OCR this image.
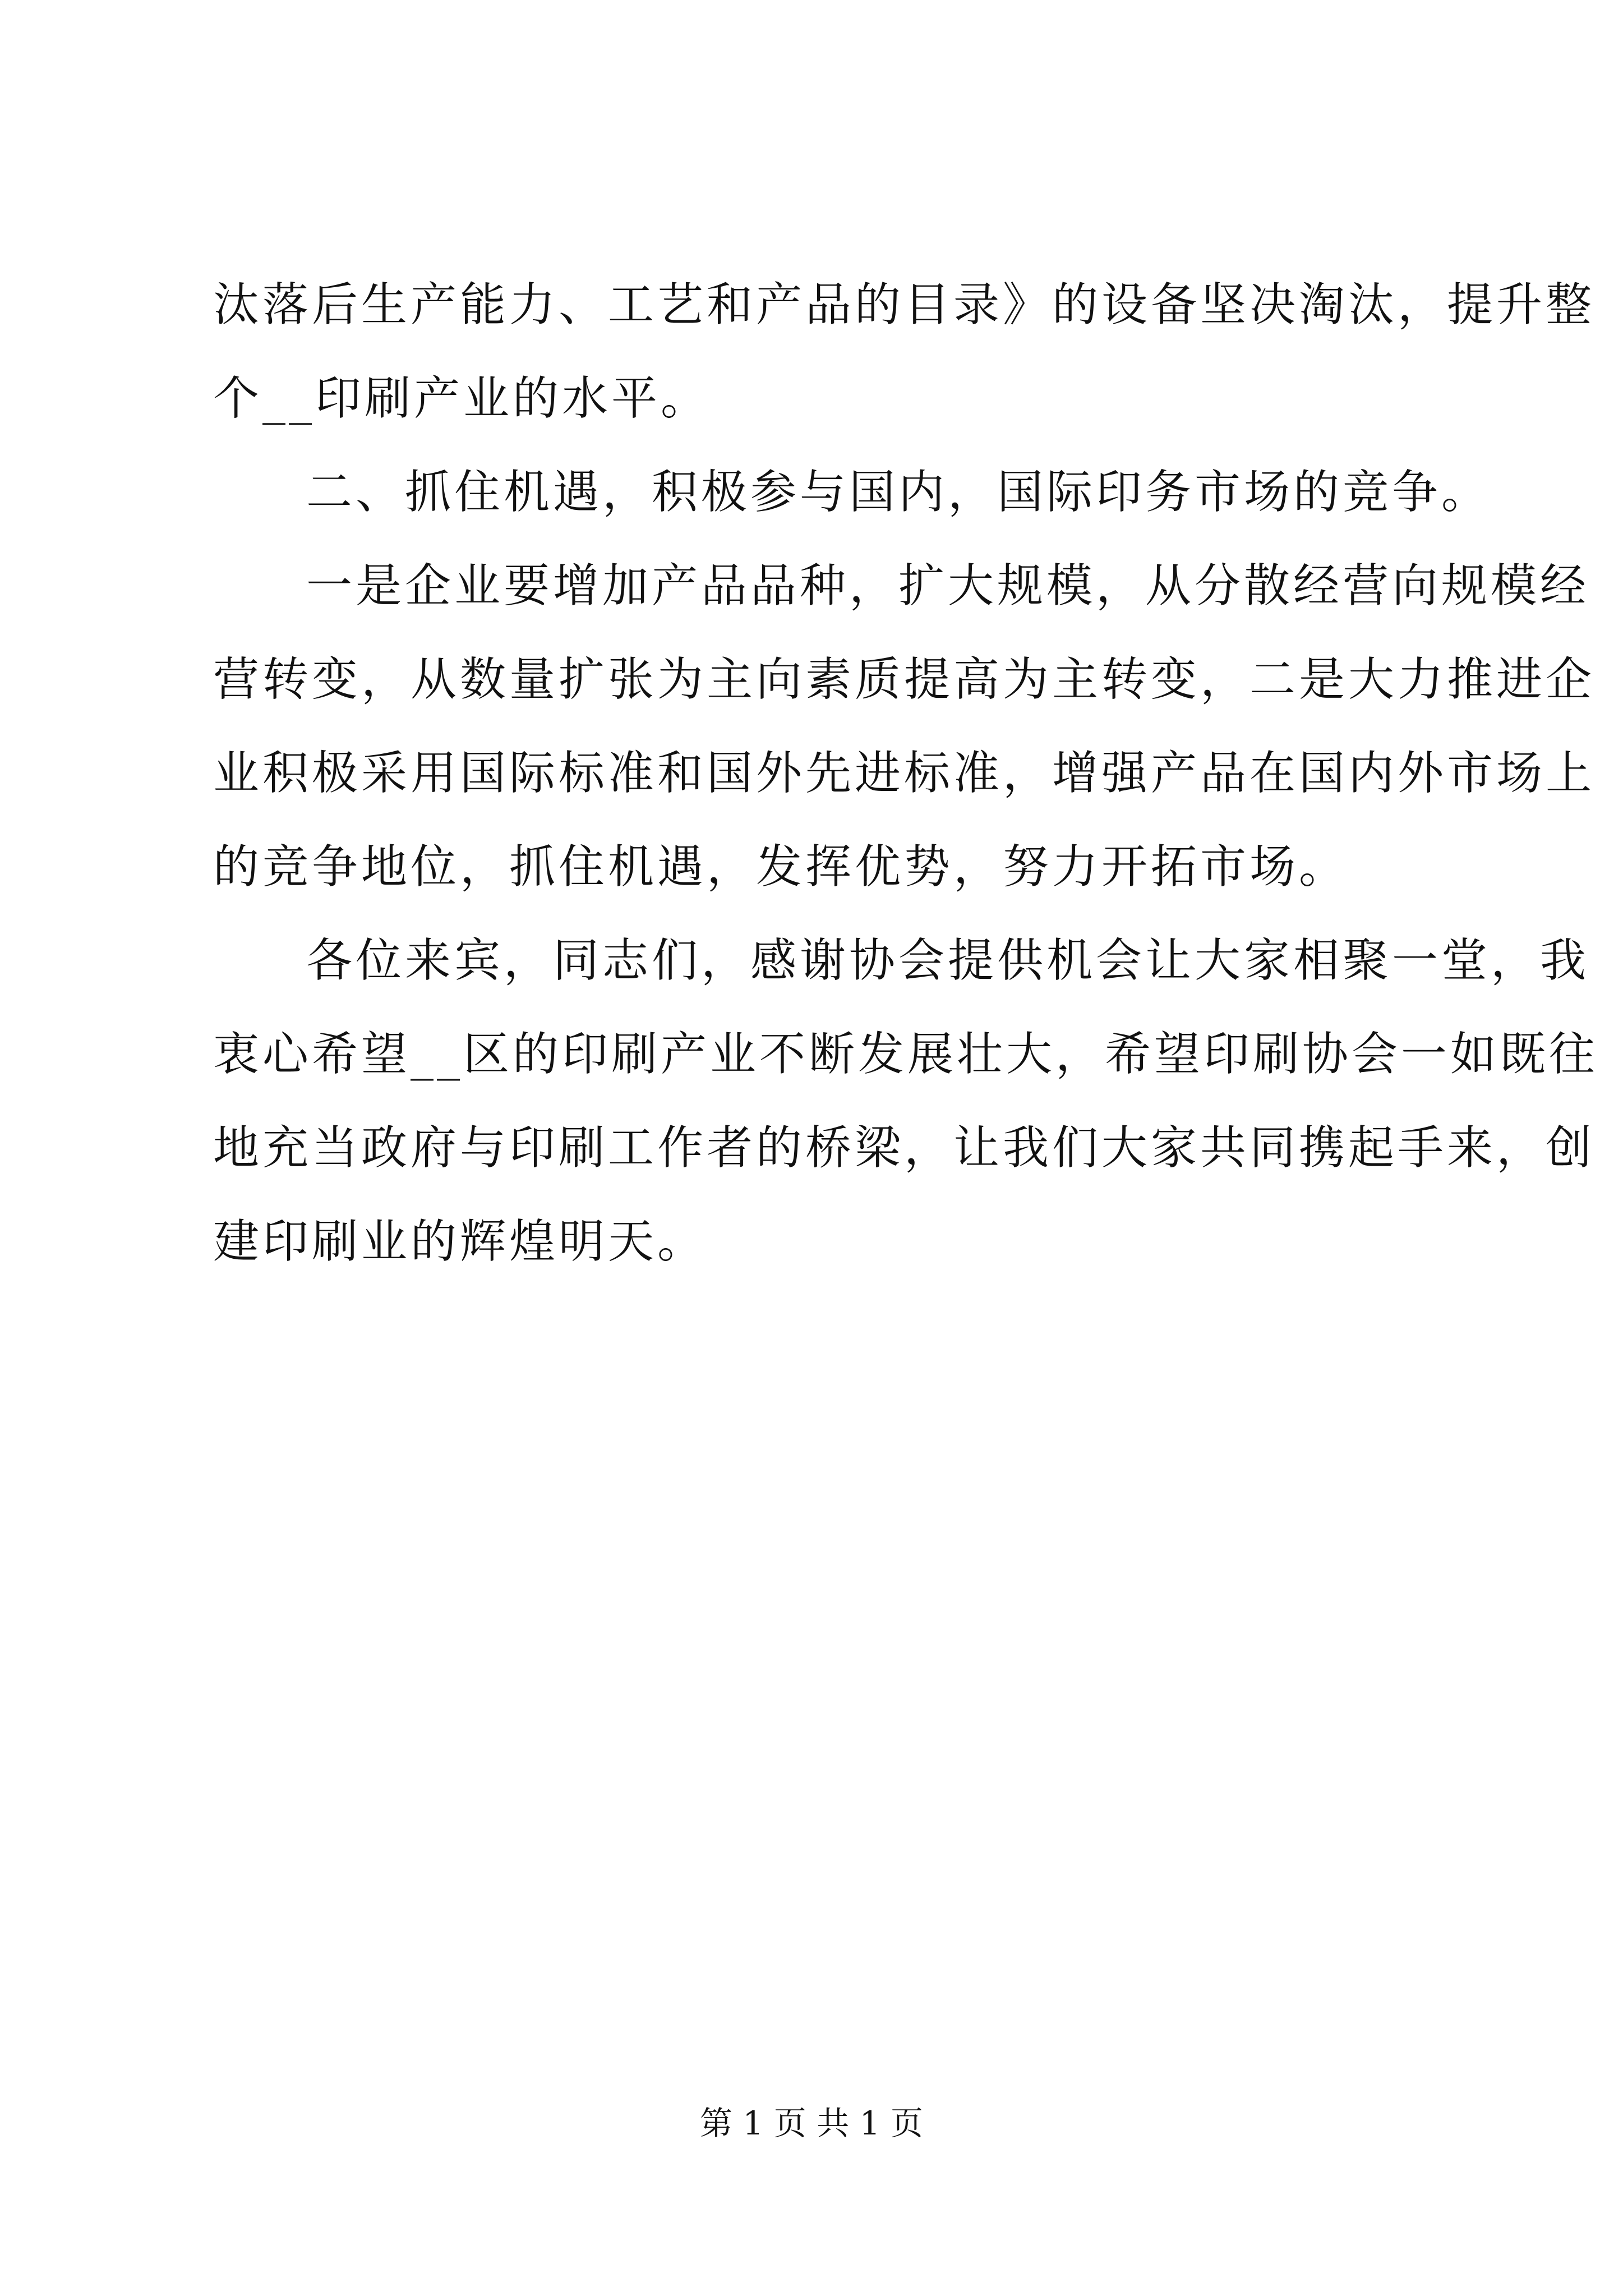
汰落后生产能力、工艺和产品的目录》的设备坚决淘汰，提升整
个__印刷产业的水平。
二、抓住机遇，积极参与国内，国际印务市场的竞争。
一是企业要增加产品品种，扩大规模，从分散经营向规模经
营转变，从数量扩张为主向素质提高为主转变，二是大力推进企
业积极采用国际标准和国外先进标准，增强产品在国内外市场上
的竞争地位，抓住机遇，发挥优势，努力开拓市场。
各位来宾，同志们，感谢协会提供机会让大家相聚一堂，我
衷心希望__区的印刷产业不断发展壮大，希望印刷协会一如既往
地充当政府与印刷工作者的桥梁，让我们大家共同携起手来，创
建印刷业的辉煌明天。
第 1 页 共 1 页
